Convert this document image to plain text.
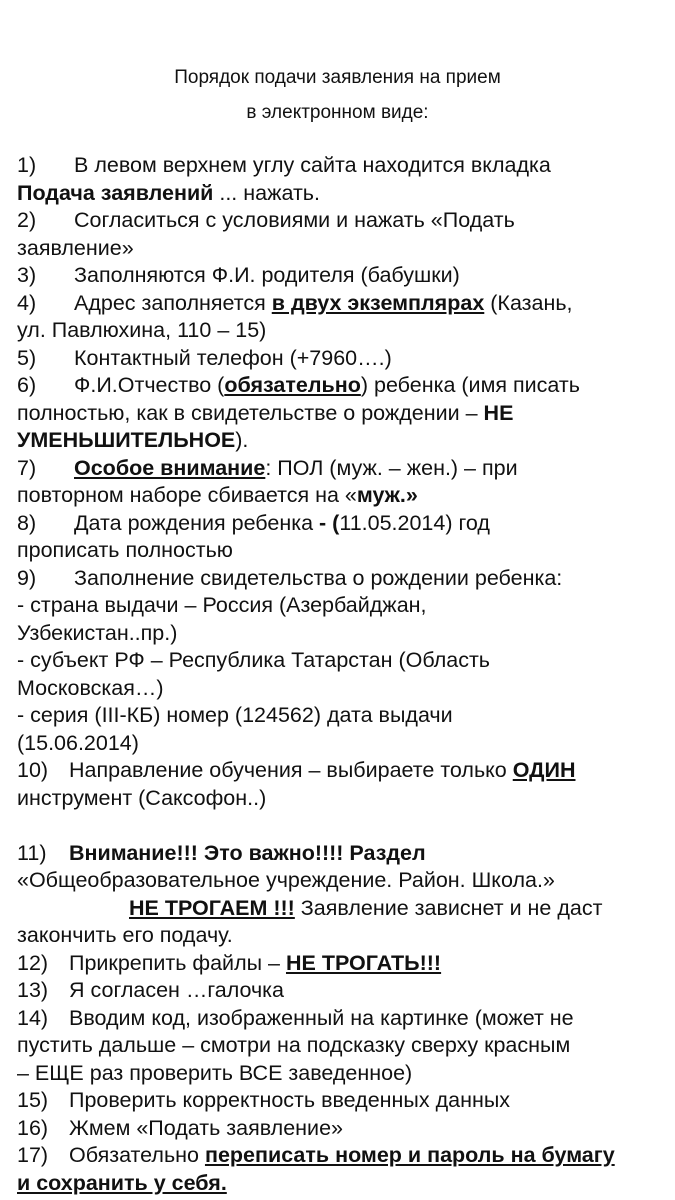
Порядок подачи заявления на прием
в электронном виде:
1) В левом верхнем углу сайта находится вкладка
Подача заявлений ... нажать.
2) Согласиться с условиями и нажать «Подать
заявление»
3) Заполняются Ф.И. родителя (бабушки)
4) Адрес заполняется в двух экземплярах (Казань,
ул. Павлюхина, 110 – 15)
5) Контактный телефон (+7960….)
6) Ф.И.Отчество (обязательно) ребенка (имя писать
полностью, как в свидетельстве о рождении – НЕ
УМЕНЬШИТЕЛЬНОЕ).
7) Особое внимание: ПОЛ (муж. – жен.) – при
повторном наборе сбивается на «муж.»
8) Дата рождения ребенка - (11.05.2014) год
прописать полностью
9) Заполнение свидетельства о рождении ребенка:
- страна выдачи – Россия (Азербайджан,
Узбекистан..пр.)
- субъект РФ – Республика Татарстан (Область
Московская…)
- серия (III-КБ) номер (124562) дата выдачи
(15.06.2014)
10) Направление обучения – выбираете только ОДИН
инструмент (Саксофон..)
11) Внимание!!! Это важно!!!! Раздел
«Общеобразовательное учреждение. Район. Школа.»
НЕ ТРОГАЕМ !!! Заявление зависнет и не даст
закончить его подачу.
12) Прикрепить файлы – НЕ ТРОГАТЬ!!!
13) Я согласен …галочка
14) Вводим код, изображенный на картинке (может не
пустить дальше – смотри на подсказку сверху красным
– ЕЩЕ раз проверить ВСЕ заведенное)
15) Проверить корректность введенных данных
16) Жмем «Подать заявление»
17) Обязательно переписать номер и пароль на бумагу
и сохранить у себя.
